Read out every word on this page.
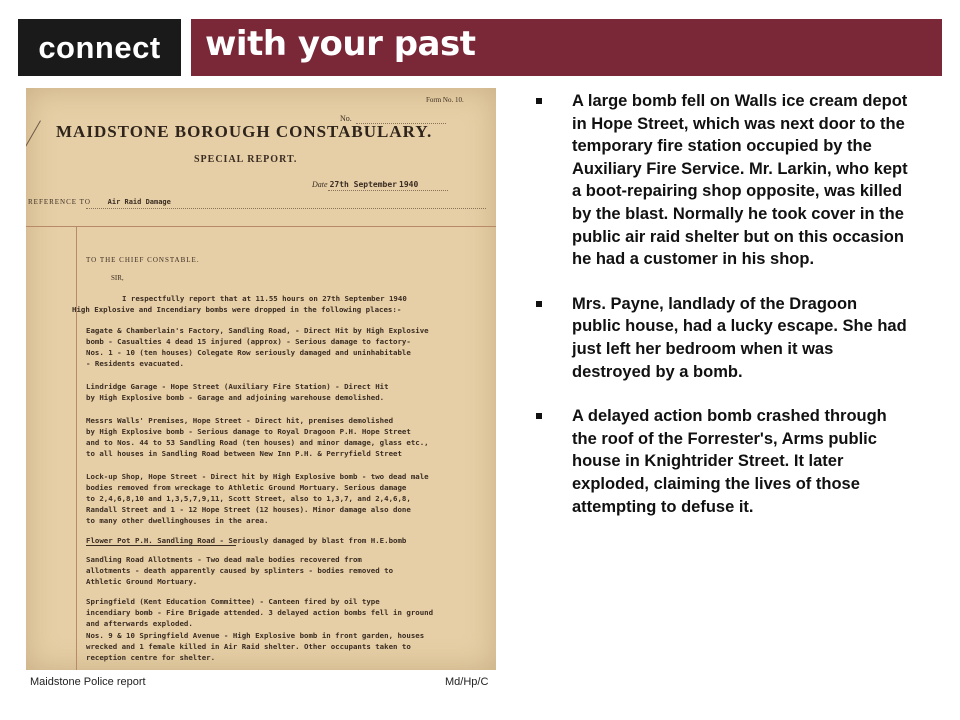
connect with your past
Form No. 10.
No.
MAIDSTONE BOROUGH CONSTABULARY.
SPECIAL REPORT.
Date 27th September 1940
REFERENCE TO Air Raid Damage
TO THE CHIEF CONSTABLE.
SIR,
I respectfully report that at 11.55 hours on 27th September 1940
High Explosive and Incendiary bombs were dropped in the following places:-
Eagate & Chamberlain's Factory, Sandling Road, - Direct Hit by High Explosive
bomb - Casualties 4 dead 15 injured (approx) - Serious damage to factory-
Nos. 1 - 10 (ten houses) Colegate Row seriously damaged and uninhabitable
- Residents evacuated.
Lindridge Garage - Hope Street (Auxiliary Fire Station) - Direct Hit
by High Explosive bomb - Garage and adjoining warehouse demolished.
Messrs Walls' Premises, Hope Street - Direct hit, premises demolished
by High Explosive bomb - Serious damage to Royal Dragoon P.H. Hope Street
and to Nos. 44 to 53 Sandling Road (ten houses) and minor damage, glass etc.,
to all houses in Sandling Road between New Inn P.H. & Perryfield Street
Lock-up Shop, Hope Street - Direct hit by High Explosive bomb - two dead male
bodies removed from wreckage to Athletic Ground Mortuary. Serious damage
to 2,4,6,8,10 and 1,3,5,7,9,11, Scott Street, also to 1,3,7, and 2,4,6,8,
Randall Street and 1 - 12 Hope Street (12 houses). Minor damage also done
to many other dwellinghouses in the area.
Flower Pot P.H. Sandling Road - Seriously damaged by blast from H.E.bomb
Sandling Road Allotments - Two dead male bodies recovered from
allotments - death apparently caused by splinters - bodies removed to
Athletic Ground Mortuary.
Springfield (Kent Education Committee) - Canteen fired by oil type
incendiary bomb - Fire Brigade attended. 3 delayed action bombs fell in ground
and afterwards exploded.
Nos. 9 & 10 Springfield Avenue - High Explosive bomb in front garden, houses
wrecked and 1 female killed in Air Raid shelter. Other occupants taken to
reception centre for shelter.
Maidstone Police report	Md/Hp/C
A large bomb fell on Walls ice cream depot in Hope Street, which was next door to the temporary fire station occupied by the Auxiliary Fire Service. Mr. Larkin, who kept a boot-repairing shop opposite, was killed by the blast. Normally he took cover in the public air raid shelter but on this occasion he had a customer in his shop.
Mrs. Payne, landlady of the Dragoon public house, had a lucky escape. She had just left her bedroom when it was destroyed by a bomb.
A delayed action bomb crashed through the roof of the Forrester's, Arms public house in Knightrider Street. It later exploded, claiming the lives of those attempting to defuse it.
